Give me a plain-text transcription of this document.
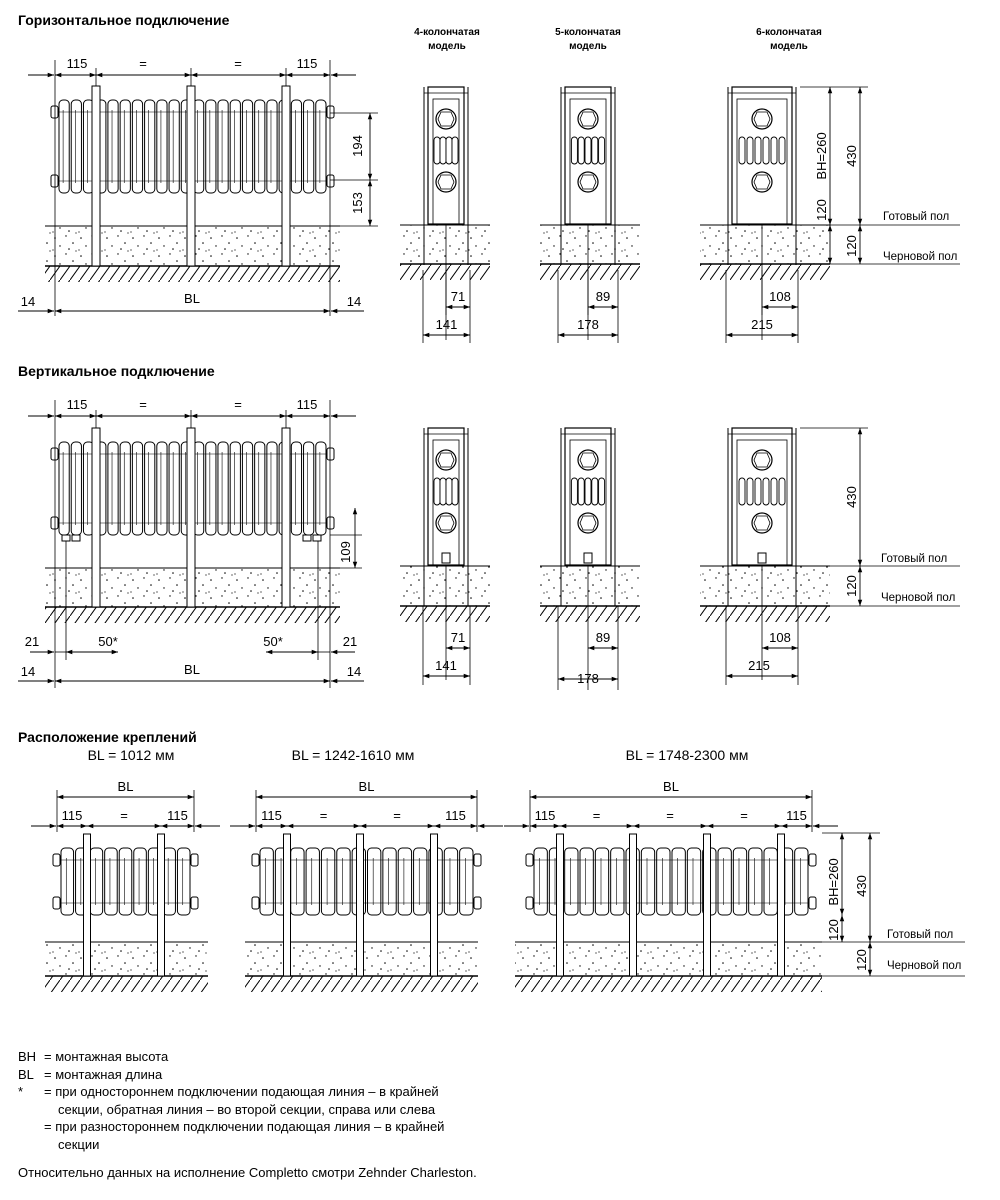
Горизонтальное подключение
115	=	=	115
194
153
BL
14	14
4-колончатая
модель
5-колончатая
модель
6-колончатая
модель
71
141
89
178
108
215
BH=260
120
430
120
Готовый пол
Черновой пол
Вертикальное подключение
115	=	=	115
109
21	21
50*	50*
BL
14	14
71
141
89
178
108
215
430
120
Готовый пол
Черновой пол
Расположение креплений
BL = 1012 мм	BL = 1242-1610 мм	BL = 1748-2300 мм
BL
115	=	115
BL
115	=	=	115
BL
115	=	=	=	115
BH=260
120
430
120
Готовый пол
Черновой пол
BH = монтажная высота
BL = монтажная длина
*	= при одностороннем подключении подающая линия – в крайней
секции, обратная линия – во второй секции, справа или слева
= при разностороннем подключении подающая линия – в крайней
секции
Относительно данных на исполнение Completto смотри Zehnder Charleston.
